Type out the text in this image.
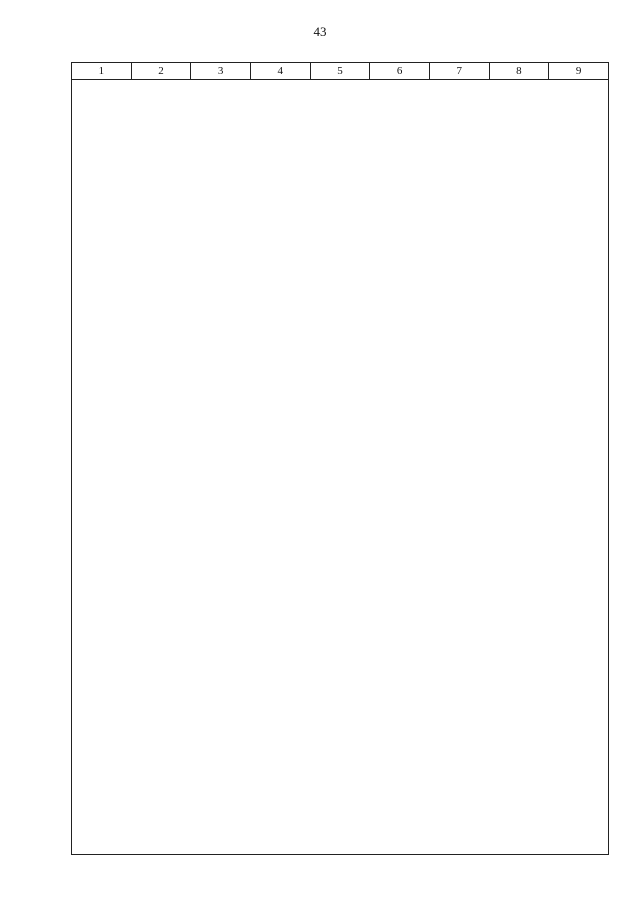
43
1	2	3	4	5	6	7	8	9
